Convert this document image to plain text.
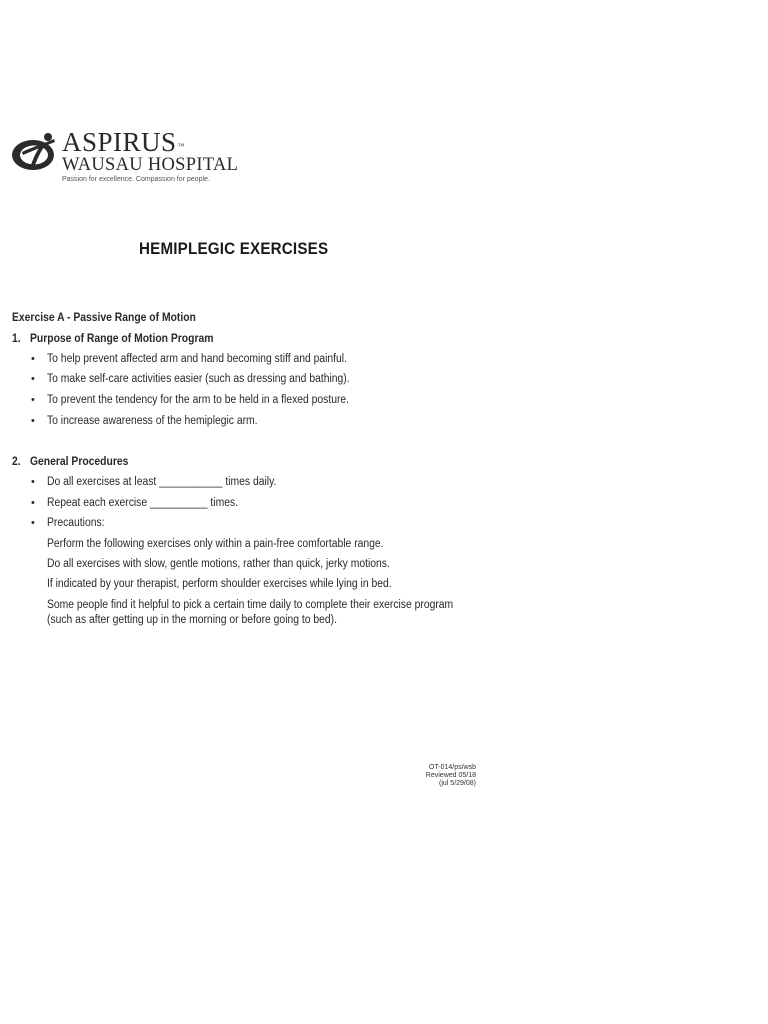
ASPIRUS™
WAUSAU HOSPITAL
Passion for excellence. Compassion for people.
HEMIPLEGIC EXERCISES
Exercise A - Passive Range of Motion
1. Purpose of Range of Motion Program
• To help prevent affected arm and hand becoming stiff and painful.
• To make self-care activities easier (such as dressing and bathing).
• To prevent the tendency for the arm to be held in a flexed posture.
• To increase awareness of the hemiplegic arm.
2. General Procedures
• Do all exercises at least ___________ times daily.
• Repeat each exercise __________ times.
• Precautions:
Perform the following exercises only within a pain-free comfortable range.
Do all exercises with slow, gentle motions, rather than quick, jerky motions.
If indicated by your therapist, perform shoulder exercises while lying in bed.
Some people find it helpful to pick a certain time daily to complete their exercise program
(such as after getting up in the morning or before going to bed).
OT-014/ps/wsb
Reviewed 05/18
(jul 5/29/08)
